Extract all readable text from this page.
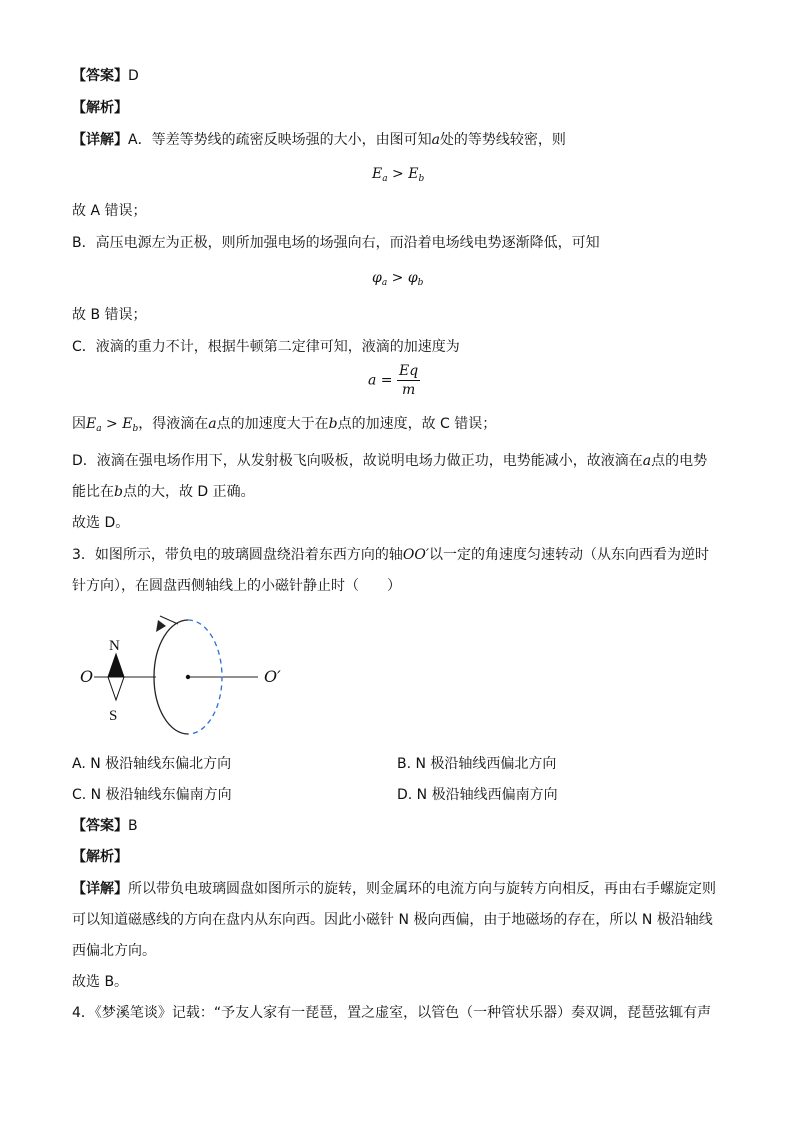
【答案】D
【解析】
【详解】A．等差等势线的疏密反映场强的大小，由图可知a处的等势线较密，则
$E_a > E_b$
故 A 错误；
B．高压电源左为正极，则所加强电场的场强向右，而沿着电场线电势逐渐降低，可知
$\varphi_a > \varphi_b$
故 B 错误；
C．液滴的重力不计，根据牛顿第二定律可知，液滴的加速度为
$a = \frac{Eq}{m}$
因$E_a > E_b$，得液滴在a点的加速度大于在b点的加速度，故 C 错误；
D．液滴在强电场作用下，从发射极飞向吸板，故说明电场力做正功，电势能减小，故液滴在a点的电势
能比在b点的大，故 D 正确。
故选 D。
3．如图所示，带负电的玻璃圆盘绕沿着东西方向的轴OO′以一定的角速度匀速转动（从东向西看为逆时
针方向），在圆盘西侧轴线上的小磁针静止时（　　）
O	O′
N
S
A. N 极沿轴线东偏北方向	B. N 极沿轴线西偏北方向
C. N 极沿轴线东偏南方向	D. N 极沿轴线西偏南方向
【答案】B
【解析】
【详解】所以带负电玻璃圆盘如图所示的旋转，则金属环的电流方向与旋转方向相反，再由右手螺旋定则
可以知道磁感线的方向在盘内从东向西。因此小磁针 N 极向西偏，由于地磁场的存在，所以 N 极沿轴线
西偏北方向。
故选 B。
4．《梦溪笔谈》记载：“予友人家有一琵琶，置之虚室，以管色（一种管状乐器）奏双调，琵琶弦辄有声
